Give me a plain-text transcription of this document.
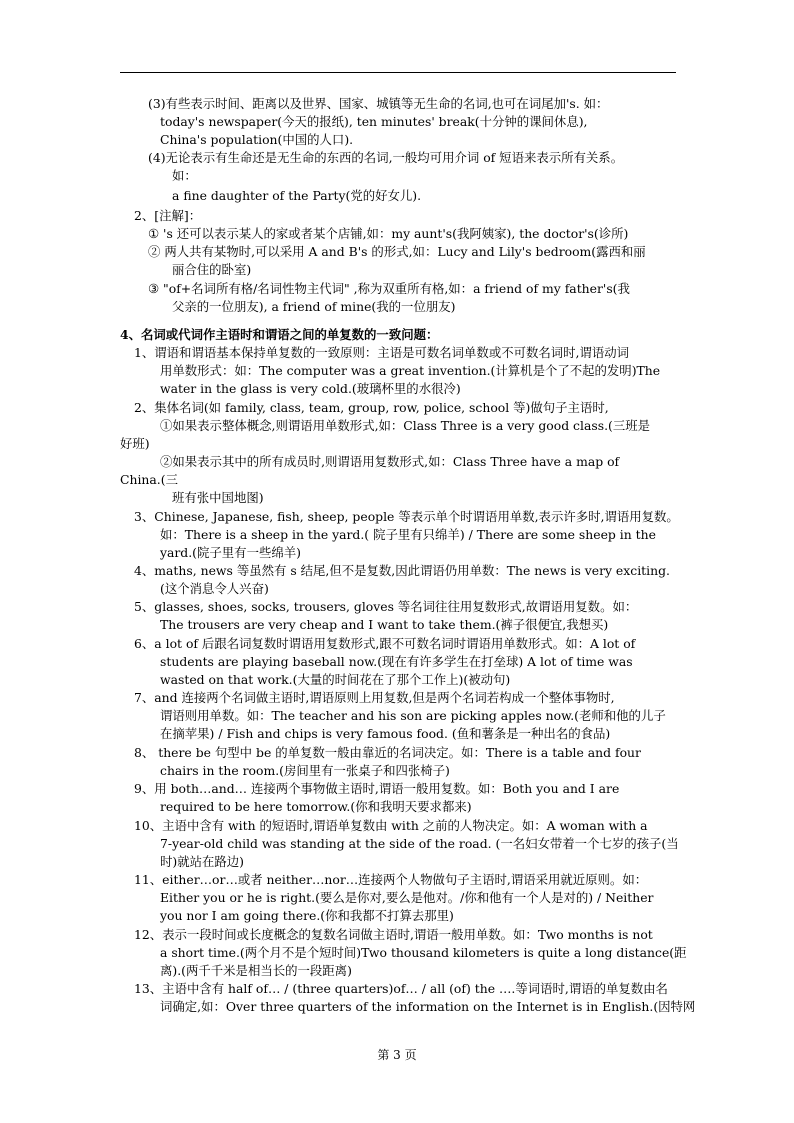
(3)有些表示时间、距离以及世界、国家、城镇等无生命的名词,也可在词尾加's. 如：
today's newspaper(今天的报纸), ten minutes' break(十分钟的课间休息),
China's population(中国的人口).
(4)无论表示有生命还是无生命的东西的名词,一般均可用介词 of 短语来表示所有关系。
如：
a fine daughter of the Party(党的好女儿).
2、[注解]：
① 's 还可以表示某人的家或者某个店铺,如：my aunt's(我阿姨家), the doctor's(诊所)
② 两人共有某物时,可以采用 A and B's 的形式,如：Lucy and Lily's bedroom(露西和丽
丽合住的卧室)
③ "of+名词所有格/名词性物主代词" ,称为双重所有格,如：a friend of my father's(我
父亲的一位朋友), a friend of mine(我的一位朋友)
4、名词或代词作主语时和谓语之间的单复数的一致问题：
1、谓语和谓语基本保持单复数的一致原则：主语是可数名词单数或不可数名词时,谓语动词
用单数形式：如：The computer was a great invention.(计算机是个了不起的发明)The
water in the glass is very cold.(玻璃杯里的水很冷)
2、集体名词(如 family, class, team, group, row, police, school 等)做句子主语时,
①如果表示整体概念,则谓语用单数形式,如：Class Three is a very good class.(三班是
好班)
②如果表示其中的所有成员时,则谓语用复数形式,如：Class Three have a map of
China.(三
班有张中国地图)
3、Chinese, Japanese, fish, sheep, people 等表示单个时谓语用单数,表示许多时,谓语用复数。
如：There is a sheep in the yard.( 院子里有只绵羊) / There are some sheep in the
yard.(院子里有一些绵羊)
4、maths, news 等虽然有 s 结尾,但不是复数,因此谓语仍用单数：The news is very exciting.
(这个消息令人兴奋)
5、glasses, shoes, socks, trousers, gloves 等名词往往用复数形式,故谓语用复数。如：
The trousers are very cheap and I want to take them.(裤子很便宜,我想买)
6、a lot of 后跟名词复数时谓语用复数形式,跟不可数名词时谓语用单数形式。如：A lot of
students are playing baseball now.(现在有许多学生在打垒球) A lot of time was
wasted on that work.(大量的时间花在了那个工作上)(被动句)
7、and 连接两个名词做主语时,谓语原则上用复数,但是两个名词若构成一个整体事物时,
谓语则用单数。如：The teacher and his son are picking apples now.(老师和他的儿子
在摘苹果) / Fish and chips is very famous food. (鱼和薯条是一种出名的食品)
8、 there be 句型中 be 的单复数一般由靠近的名词决定。如：There is a table and four
chairs in the room.(房间里有一张桌子和四张椅子)
9、用 both…and… 连接两个事物做主语时,谓语一般用复数。如：Both you and I are
required to be here tomorrow.(你和我明天要求都来)
10、主语中含有 with 的短语时,谓语单复数由 with 之前的人物决定。如：A woman with a
7-year-old child was standing at the side of the road. (一名妇女带着一个七岁的孩子(当
时)就站在路边)
11、either…or…或者 neither…nor…连接两个人物做句子主语时,谓语采用就近原则。如：
Either you or he is right.(要么是你对,要么是他对。/你和他有一个人是对的) / Neither
you nor I am going there.(你和我都不打算去那里)
12、表示一段时间或长度概念的复数名词做主语时,谓语一般用单数。如：Two months is not
a short time.(两个月不是个短时间)Two thousand kilometers is quite a long distance(距
离).(两千千米是相当长的一段距离)
13、主语中含有 half of… / (three quarters)of… / all (of) the ….等词语时,谓语的单复数由名
词确定,如：Over three quarters of the information on the Internet is in English.(因特网
第 3 页
